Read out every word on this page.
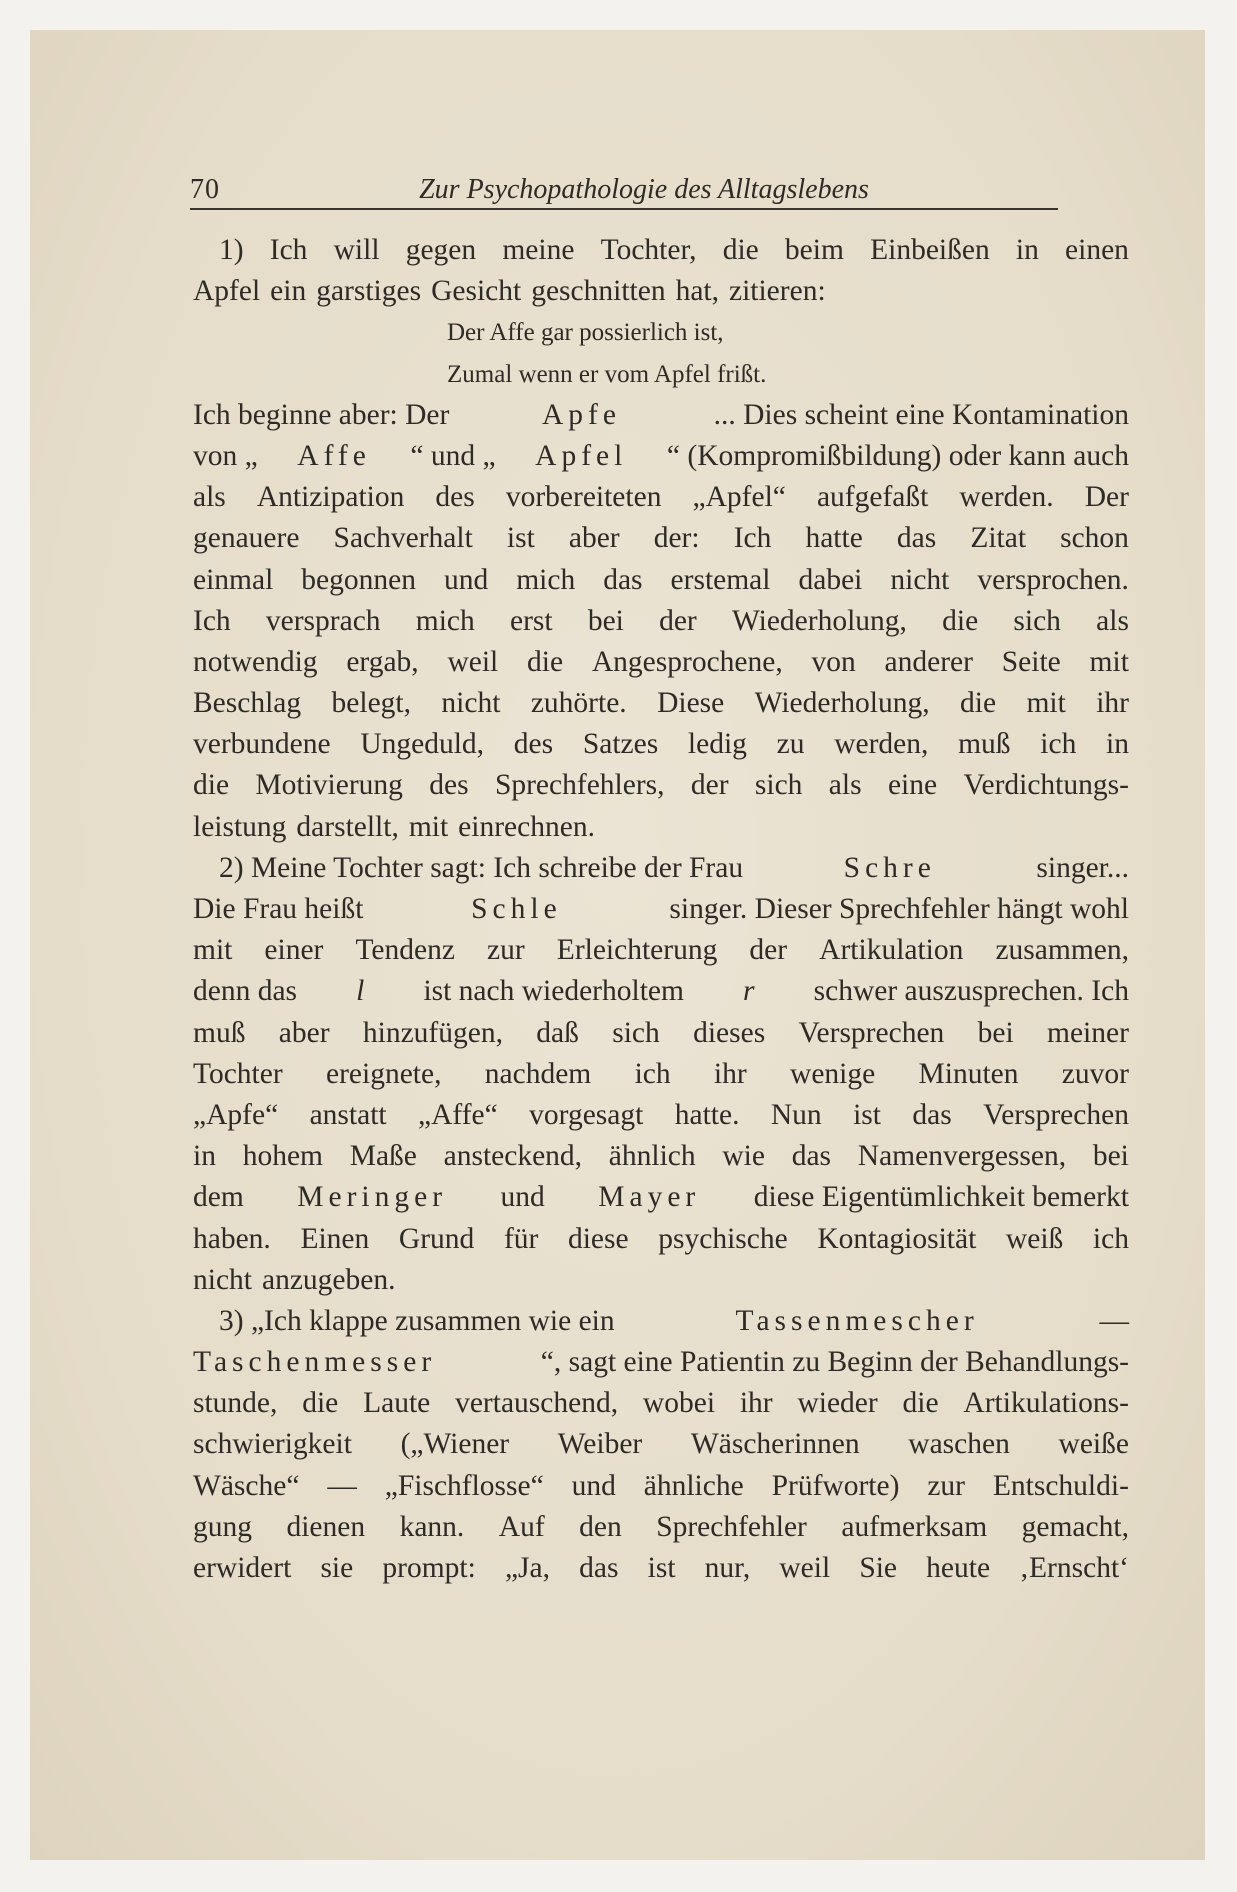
70	Zur Psychopathologie des Alltagslebens
1) Ich will gegen meine Tochter, die beim Einbeißen in einen
Apfel ein garstiges Gesicht geschnitten hat, zitieren:
Der Affe gar possierlich ist,
Zumal wenn er vom Apfel frißt.
Ich beginne aber: Der	Apfe	... Dies scheint eine Kontamination
von „ Affe “ und „ Apfel “ (Kompromißbildung) oder kann auch
als Antizipation des vorbereiteten „Apfel“ aufgefaßt werden. Der
genauere Sachverhalt ist aber der: Ich hatte das Zitat schon
einmal begonnen und mich das erstemal dabei nicht versprochen.
Ich versprach mich erst bei der Wiederholung, die sich als
notwendig ergab, weil die Angesprochene, von anderer Seite mit
Beschlag belegt, nicht zuhörte. Diese Wiederholung, die mit ihr
verbundene Ungeduld, des Satzes ledig zu werden, muß ich in
die Motivierung des Sprechfehlers, der sich als eine Verdichtungs-
leistung darstellt, mit einrechnen.
2) Meine Tochter sagt: Ich schreibe der Frau	Schre	singer...
Die Frau heißt	Schle	singer. Dieser Sprechfehler hängt wohl
mit einer Tendenz zur Erleichterung der Artikulation zusammen,
denn das l ist nach wiederholtem r schwer auszusprechen. Ich
muß aber hinzufügen, daß sich dieses Versprechen bei meiner
Tochter ereignete, nachdem ich ihr wenige Minuten zuvor
„Apfe“ anstatt „Affe“ vorgesagt hatte. Nun ist das Versprechen
in hohem Maße ansteckend, ähnlich wie das Namenvergessen, bei
dem Meringer und Mayer diese Eigentümlichkeit bemerkt
haben. Einen Grund für diese psychische Kontagiosität weiß ich
nicht anzugeben.
3) „Ich klappe zusammen wie ein	Tassenmescher	—
Taschenmesser	“, sagt eine Patientin zu Beginn der Behandlungs-
stunde, die Laute vertauschend, wobei ihr wieder die Artikulations-
schwierigkeit („Wiener Weiber Wäscherinnen waschen weiße
Wäsche“ — „Fischflosse“ und ähnliche Prüfworte) zur Entschuldi-
gung dienen kann. Auf den Sprechfehler aufmerksam gemacht,
erwidert sie prompt: „Ja, das ist nur, weil Sie heute ‚Ernscht‘
